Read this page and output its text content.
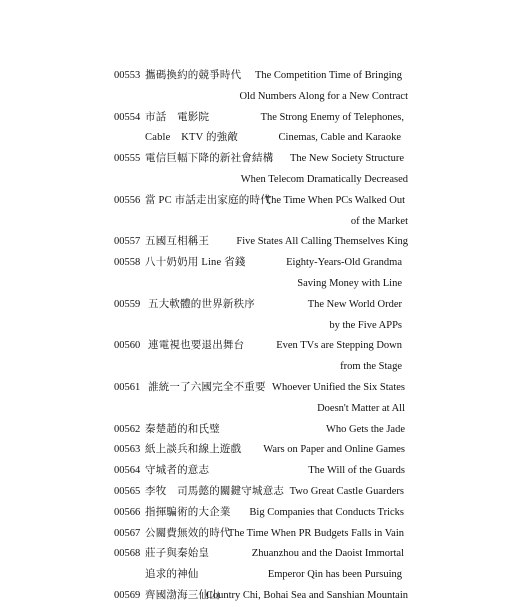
00553 攜碼換約的競爭時代 The Competition Time of Bringing
Old Numbers Along for a New Contract
00554 市話　電影院	The Strong Enemy of Telephones,
Cable　KTV 的強敵	Cinemas, Cable and Karaoke
00555 電信巨幅下降的新社會結構 The New Society Structure
When Telecom Dramatically Decreased
00556 當 PC 市話走出家庭的時代
The Time When PCs Walked Out
of the Market
00557 五國互相稱王	Five States All Calling Themselves King
00558 八十奶奶用 Line 省錢	Eighty-Years-Old Grandma
Saving Money with Line
00559 五大軟體的世界新秩序	The New World Order
by the Five APPs
00560 連電視也要退出舞台	Even TVs are Stepping Down
from the Stage
00561 誰統一了六國完全不重要 Whoever Unified the Six States
Doesn't Matter at All
00562 秦楚趙的和氏璧	Who Gets the Jade
00563 紙上談兵和線上遊戲 Wars on Paper and Online Games
00564 守城者的意志	The Will of the Guards
00565 李牧　司馬懿的關鍵守城意志 Two Great Castle Guarders
00566 指揮騙術的大企業 Big Companies that Conducts Tricks
00567 公關費無效的時代
The Time When PR Budgets Falls in Vain
00568 莊子與秦始皇	Zhuanzhou and the Daoist Immortal
追求的神仙	Emperor Qin has been Pursuing
00569 齊國渤海三仙山
Country Chi, Bohai Sea and Sanshian Mountain
